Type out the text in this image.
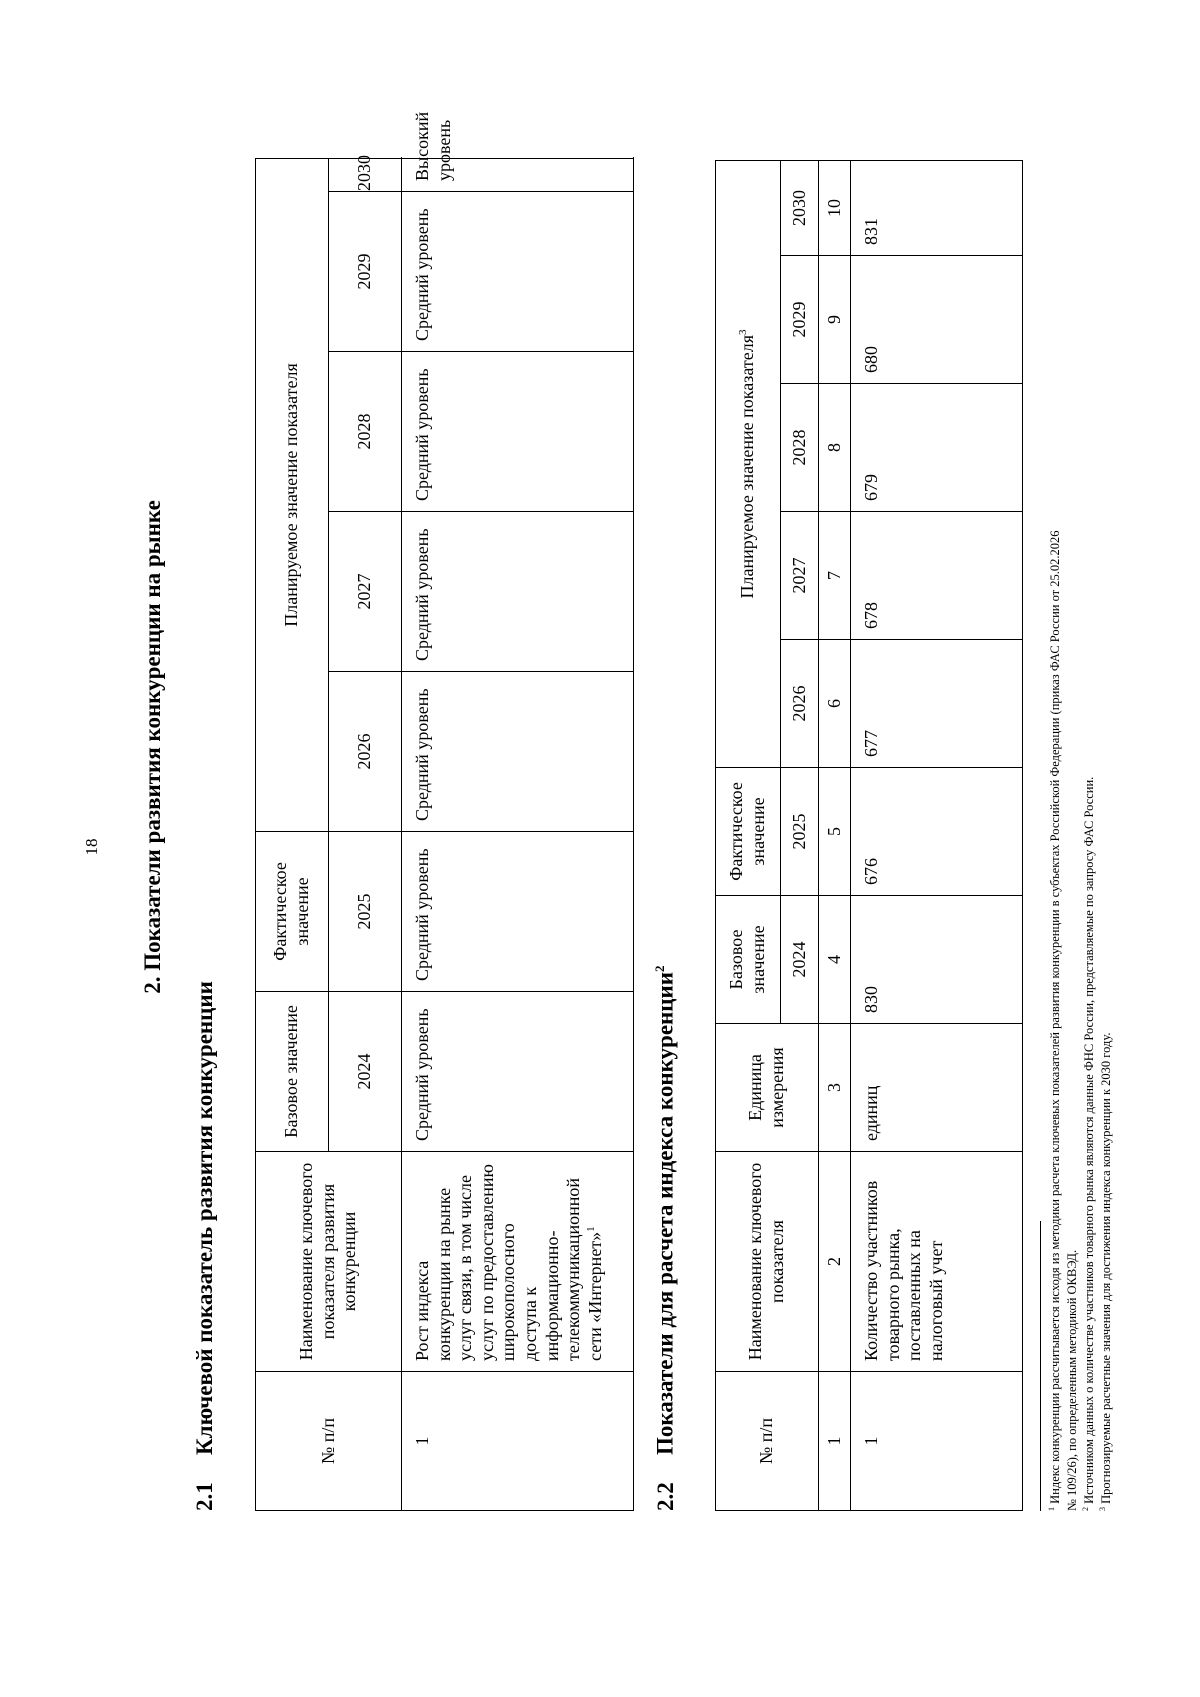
18 2. Показатели развития конкуренции на рынке
2.1Ключевой показатель развития конкуренции	№ п/п	Наименование ключевого показателя развития конкуренции	Базовое значение	Фактическое значение	Планируемое значение показателя				
		2024	2025	2026	2027	2028	2029	2030
1	Рост индекса конкуренции на рынке услуг связи, в том числе услуг по предоставлению широкополосного доступа к информационно-телекоммуникационной сети «Интернет»$^1$	Средний уровень	Средний уровень	Средний уровень	Средний уровень	Средний уровень	Средний уровень	Высокий уровень
2.2Показатели для расчета индекса конкуренции$^2$
№ п/п	Наименование ключевого показателя	Единица измерения	Базовое значение	Фактическое значение	Планируемое значение показателя$^3$
			2024	2025	2026	2027	2028	2029	2030
1	2	3	4	5	6	7	8	9	10
1	Количество участников товарного рынка, поставленных на налоговый учет	единиц	830	676	677	678	679	680	831
$^1$ Индекс конкуренции рассчитывается исходя из методики расчета ключевых показателей развития конкуренции в субъектах Российской Федерации (приказ ФАС России от 25.02.2026 № 109/26), по определенным методикой ОКВЭД. $^2$ Источником данных о количестве участников товарного рынка являются данные ФНС России, представляемые по запросу ФАС России.
$^3$ Прогнозируемые расчетные значения для достижения индекса конкуренции к 2030 году.
